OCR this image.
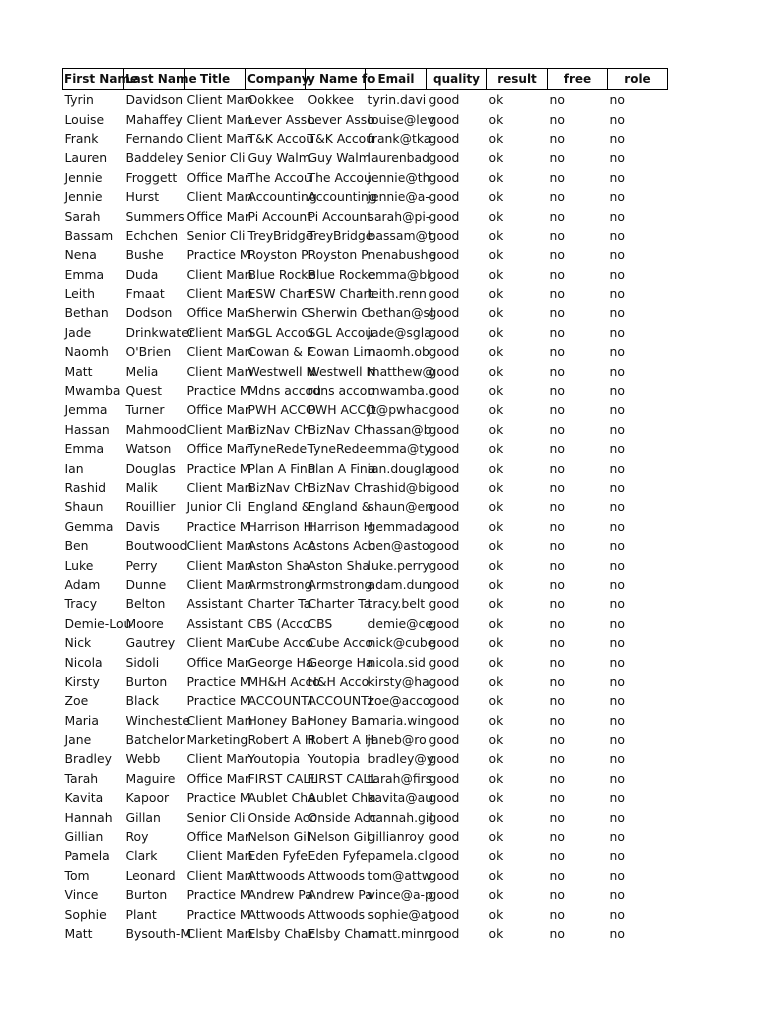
First Name	Last Name	Title	Company	y Name fo	Email	quality	result	free	role
Tyrin	Davidson	Client Man	Ookkee	Ookkee	tyrin.davi	good	ok	no	no
Louise	Mahaffey	Client Man	Lever Asso	Lever Asso	louise@lev	good	ok	no	no
Frank	Fernando	Client Man	T&K Accou	T&K Accou	frank@tka	good	ok	no	no
Lauren	Baddeley	Senior Cli	Guy Walm	Guy Walm	laurenbad	good	ok	no	no
Jennie	Froggett	Office Mar	The Accou	The Accou	jennie@th	good	ok	no	no
Jennie	Hurst	Client Man	Accounting	Accounting	jennie@a-	good	ok	no	no
Sarah	Summers	Office Mar	Pi Account	Pi Account	sarah@pi-	good	ok	no	no
Bassam	Echchen	Senior Cli	TreyBridge	TreyBridge	bassam@t	good	ok	no	no
Nena	Bushe	Practice M	Royston P	Royston P	nenabushe	good	ok	no	no
Emma	Duda	Client Man	Blue Rocke	Blue Rocke	emma@bl	good	ok	no	no
Leith	Fmaat	Client Man	ESW Chart	ESW Chart	leith.renn	good	ok	no	no
Bethan	Dodson	Office Mar	Sherwin C	Sherwin C	bethan@sl	good	ok	no	no
Jade	Drinkwater	Client Man	SGL Accou	SGL Accou	jade@sgla	good	ok	no	no
Naomh	O'Brien	Client Man	Cowan & F	Cowan Lim	naomh.ob	good	ok	no	no
Matt	Melia	Client Man	Westwell N	Westwell N	matthew@	good	ok	no	no
Mwamba	Quest	Practice M	Mdns accou	rdns accou	mwamba.c	good	ok	no	no
Jemma	Turner	Office Mar	PWH ACCO	PWH ACCO	jt@pwhac	good	ok	no	no
Hassan	Mahmood	Client Man	BizNav Ch	BizNav Ch	hassan@b	good	ok	no	no
Emma	Watson	Office Mar	TyneRede	TyneRede	emma@ty	good	ok	no	no
Ian	Douglas	Practice M	Plan A Fina	Plan A Fina	ian.dougla	good	ok	no	no
Rashid	Malik	Client Man	BizNav Ch	BizNav Ch	rashid@bi	good	ok	no	no
Shaun	Rouillier	Junior Cli	England &	England &	shaun@en	good	ok	no	no
Gemma	Davis	Practice M	Harrison H	Harrison H	gemmada	good	ok	no	no
Ben	Boutwood	Client Man	Astons Acc	Astons Acc	ben@asto	good	ok	no	no
Luke	Perry	Client Man	Aston Sha	Aston Sha	luke.perry	good	ok	no	no
Adam	Dunne	Client Man	Armstrong	Armstrong	adam.dun	good	ok	no	no
Tracy	Belton	Assistant	Charter Ta	Charter Ta	tracy.belt	good	ok	no	no
Demie-Lou	Moore	Assistant	CBS (Acco	CBS	demie@ce	good	ok	no	no
Nick	Gautrey	Client Man	Cube Acco	Cube Acco	nick@cube	good	ok	no	no
Nicola	Sidoli	Office Mar	George Ha	George Ha	nicola.sid	good	ok	no	no
Kirsty	Burton	Practice M	MH&H Acco	H&H Acco	kirsty@ha	good	ok	no	no
Zoe	Black	Practice M	ACCOUNTI	ACCOUNTI	zoe@acco	good	ok	no	no
Maria	Wincheste	Client Man	Honey Bar	Honey Bar	maria.win	good	ok	no	no
Jane	Batchelor	Marketing	Robert A H	Robert A H	janeb@ro	good	ok	no	no
Bradley	Webb	Client Man	Youtopia	Youtopia	bradley@y	good	ok	no	no
Tarah	Maguire	Office Mar	FIRST CALL	FIRST CALL	tarah@firs	good	ok	no	no
Kavita	Kapoor	Practice M	Aublet Cha	Aublet Cha	kavita@au	good	ok	no	no
Hannah	Gillan	Senior Cli	Onside Acc	Onside Acc	hannah.gil	good	ok	no	no
Gillian	Roy	Office Mar	Nelson Gil	Nelson Gil	gillianroy	good	ok	no	no
Pamela	Clark	Client Man	Eden Fyfe	Eden Fyfe	pamela.cl	good	ok	no	no
Tom	Leonard	Client Man	Attwoods	Attwoods	tom@attw	good	ok	no	no
Vince	Burton	Practice M	Andrew Pa	Andrew Pa	vince@a-p	good	ok	no	no
Sophie	Plant	Practice M	Attwoods	Attwoods	sophie@at	good	ok	no	no
Matt	Bysouth-M	Client Man	Elsby Char	Elsby Char	matt.minn	good	ok	no	no
